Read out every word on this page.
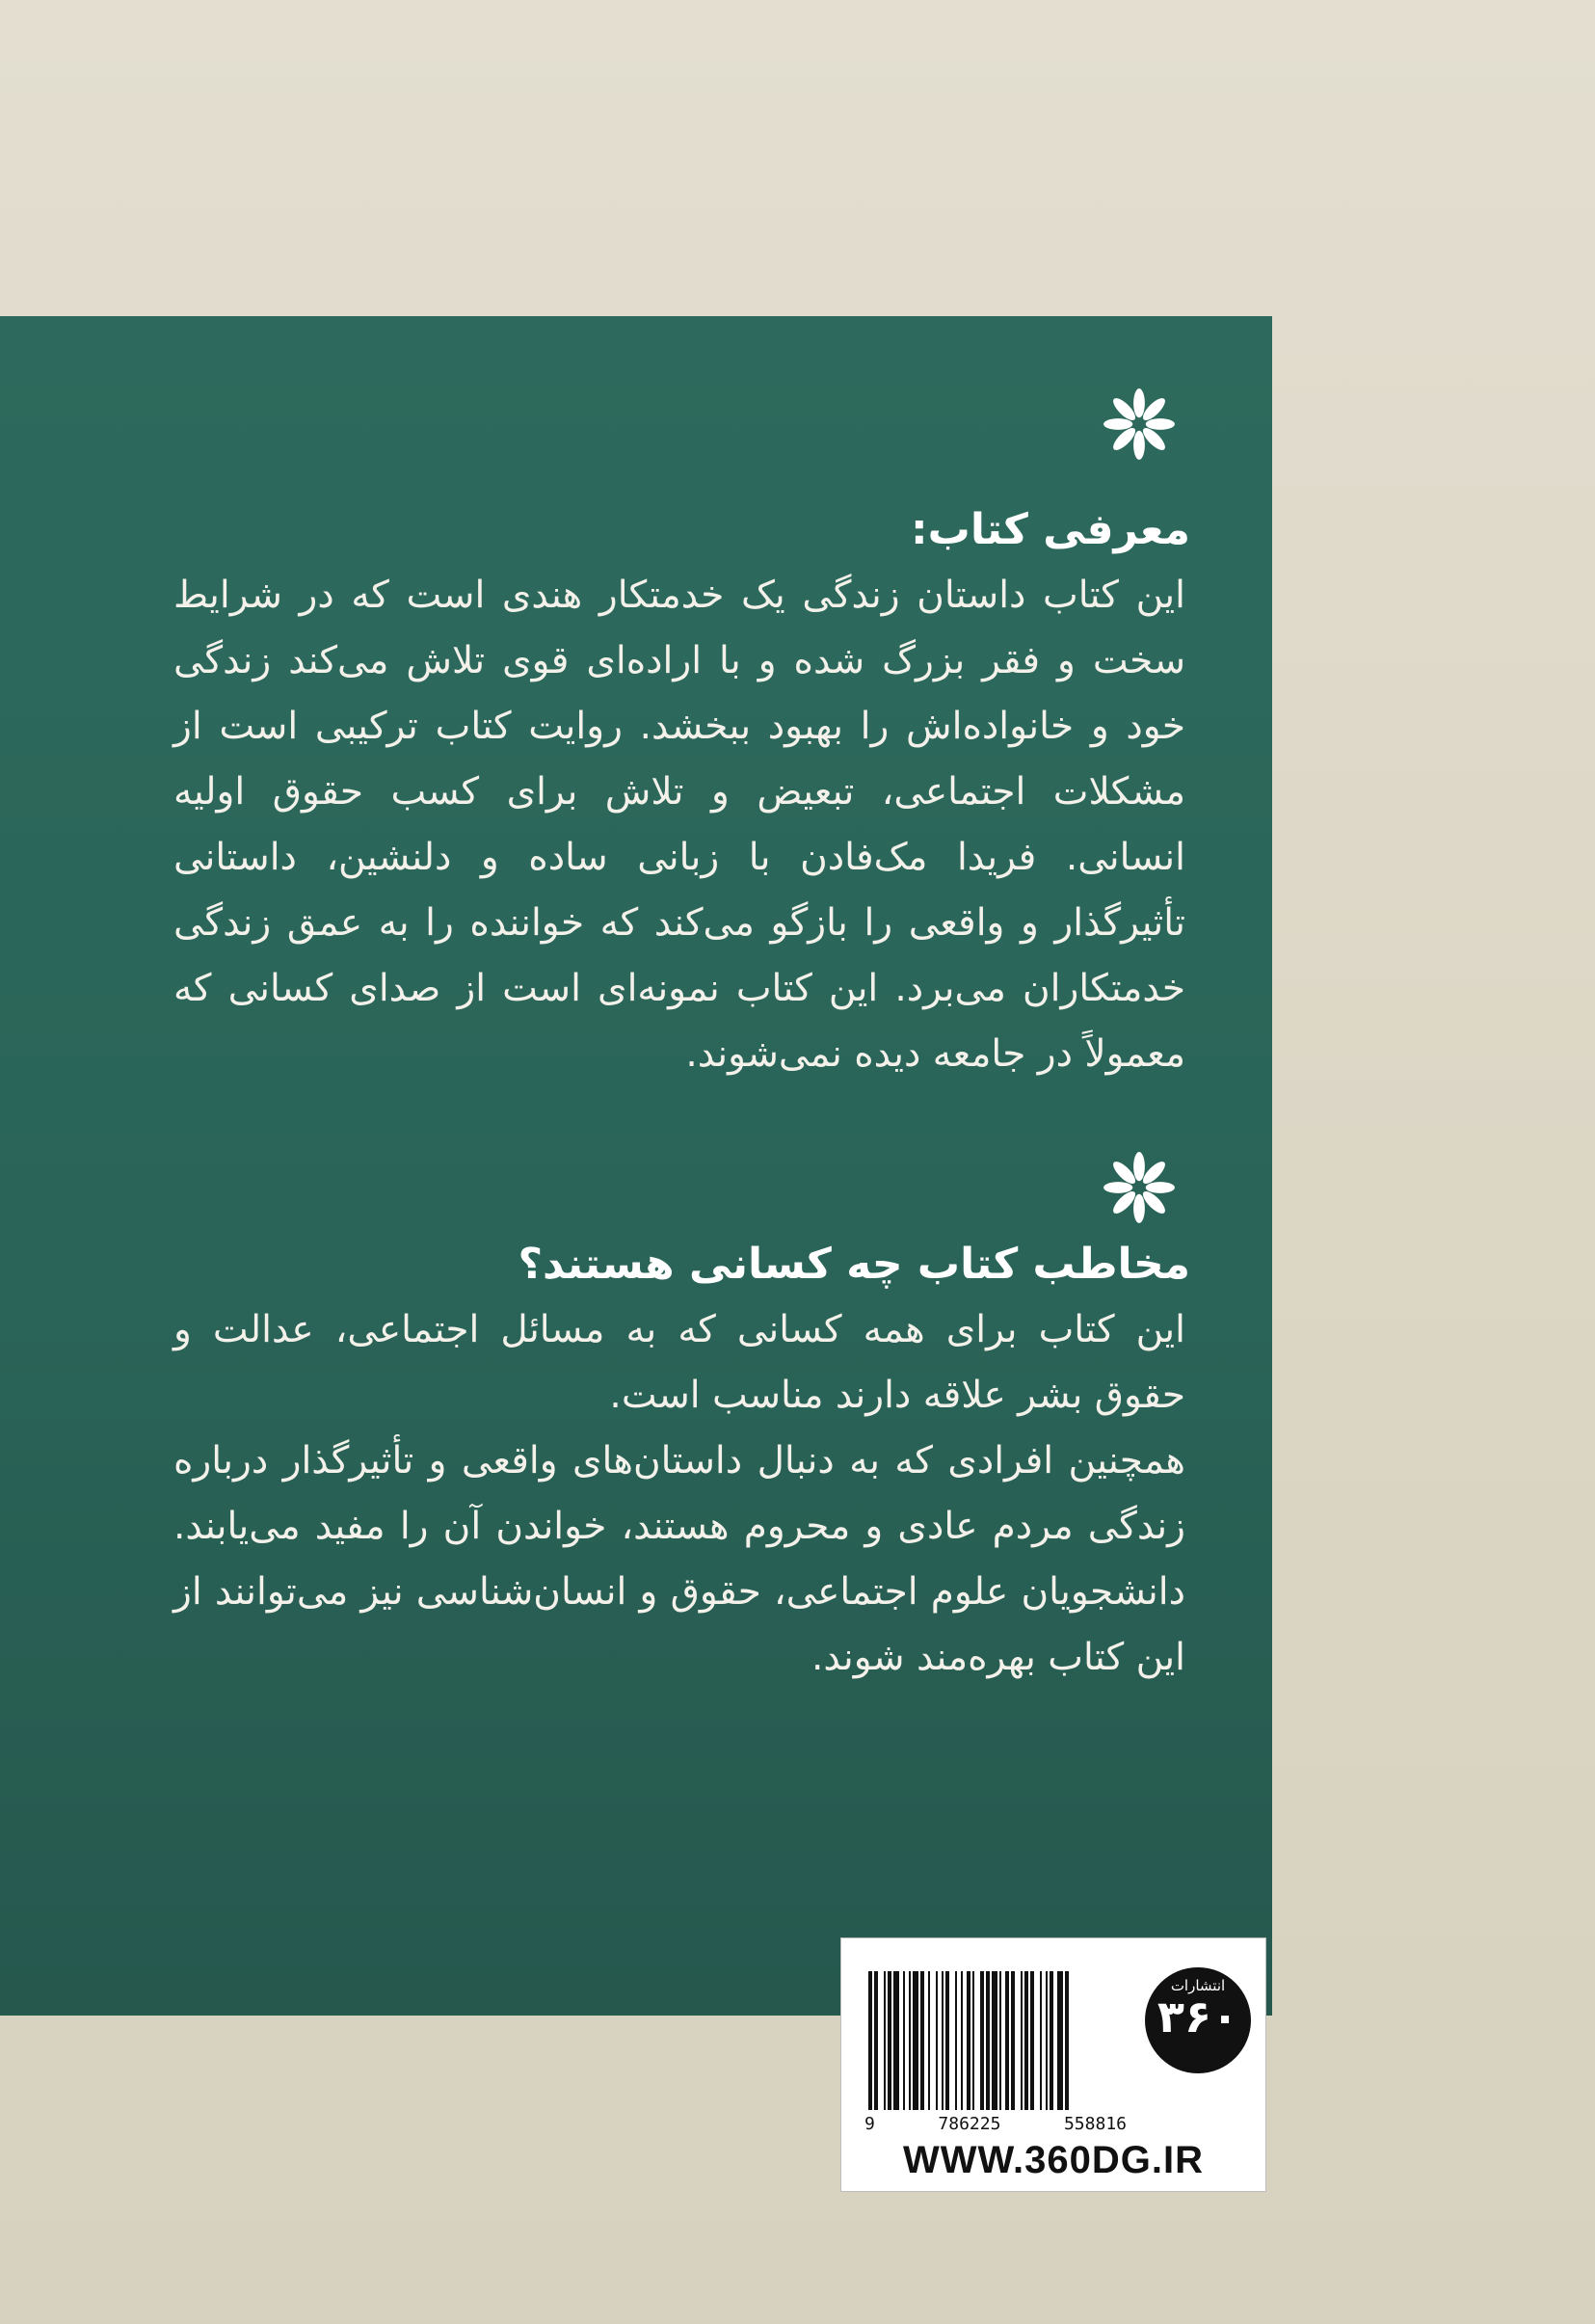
معرفی کتاب:
این کتاب داستان زندگی یک خدمتکار هندی است که در شرایط سخت و فقر بزرگ شده و با اراده‌ای قوی تلاش می‌کند زندگی خود و خانواده‌اش را بهبود ببخشد. روایت کتاب ترکیبی است از مشکلات اجتماعی، تبعیض و تلاش برای کسب حقوق اولیه انسانی. فریدا مک‌فادن با زبانی ساده و دلنشین، داستانی تأثیرگذار و واقعی را بازگو می‌کند که خواننده را به عمق زندگی خدمتکاران می‌برد. این کتاب نمونه‌ای است از صدای کسانی که معمولاً در جامعه دیده نمی‌شوند.
مخاطب کتاب چه کسانی هستند؟

این کتاب برای همه کسانی که به مسائل اجتماعی، عدالت و حقوق بشر علاقه دارند مناسب است.

همچنین افرادی که به دنبال داستان‌های واقعی و تأثیرگذار درباره زندگی مردم عادی و محروم هستند، خواندن آن را مفید می‌یابند. دانشجویان علوم اجتماعی، حقوق و انسان‌شناسی نیز می‌توانند از این کتاب بهره‌مند شوند.

9	786225	558816
انتشارات
۳۶۰
WWW.360DG.IR
